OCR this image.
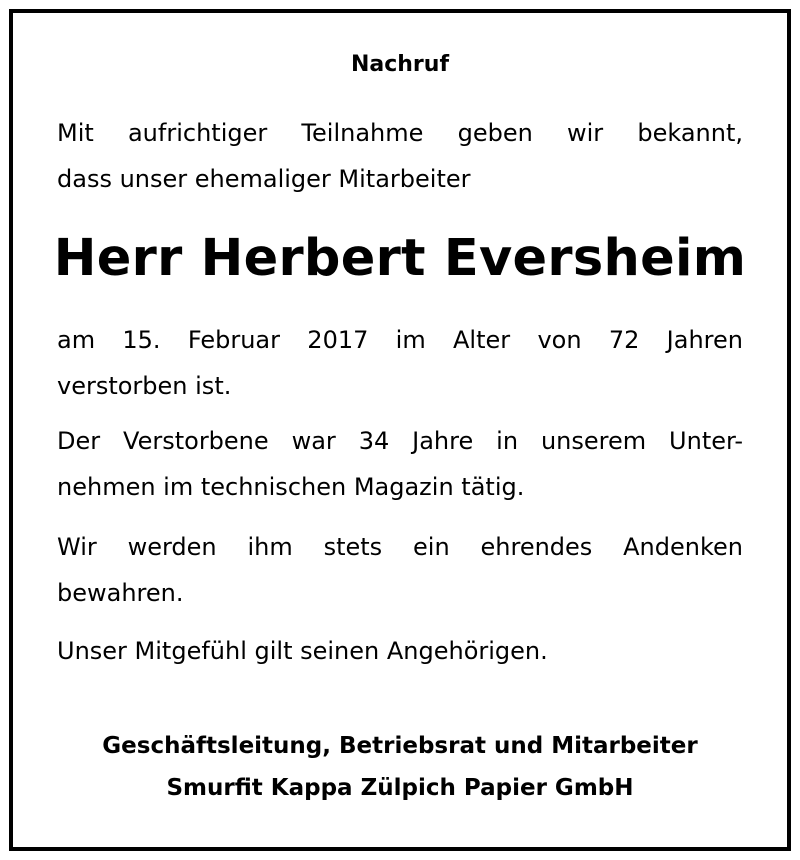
Nachruf

Mit aufrichtiger Teilnahme geben wir bekannt,
dass unser ehemaliger Mitarbeiter

Herr Herbert Eversheim

am 15. Februar 2017 im Alter von 72 Jahren
verstorben ist.

Der Verstorbene war 34 Jahre in unserem Unter-
nehmen im technischen Magazin tätig.

Wir werden ihm stets ein ehrendes Andenken
bewahren.

Unser Mitgefühl gilt seinen Angehörigen.

Geschäftsleitung, Betriebsrat und Mitarbeiter
Smurfit Kappa Zülpich Papier GmbH
